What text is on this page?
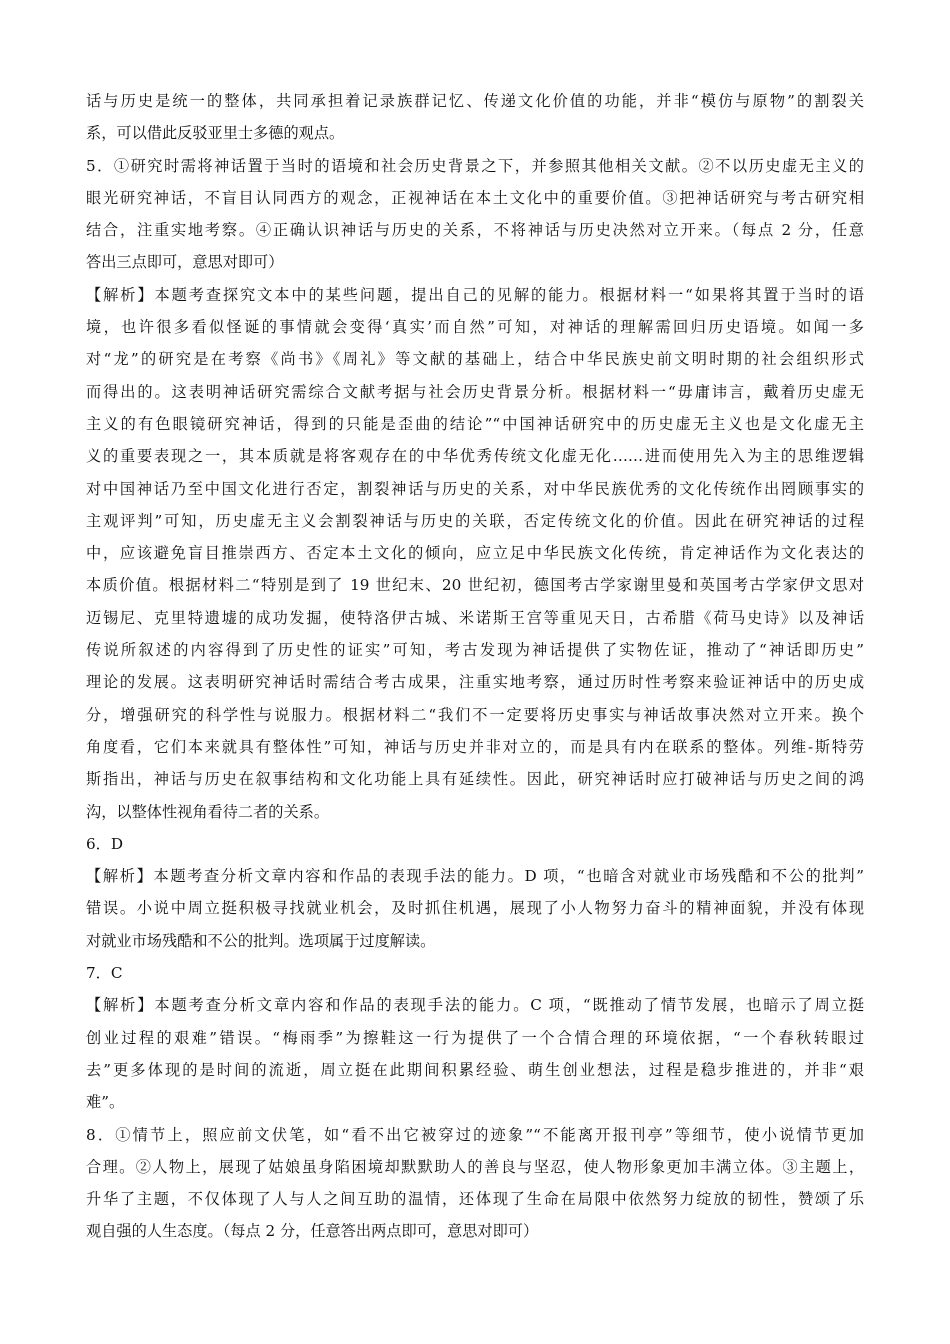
话与历史是统一的整体，共同承担着记录族群记忆、传递文化价值的功能，并非“模仿与原物”的割裂关
系，可以借此反驳亚里士多德的观点。
5．①研究时需将神话置于当时的语境和社会历史背景之下，并参照其他相关文献。②不以历史虚无主义的
眼光研究神话，不盲目认同西方的观念，正视神话在本土文化中的重要价值。③把神话研究与考古研究相
结合，注重实地考察。④正确认识神话与历史的关系，不将神话与历史决然对立开来。（每点 2 分，任意
答出三点即可，意思对即可）
【解析】本题考查探究文本中的某些问题，提出自己的见解的能力。根据材料一“如果将其置于当时的语
境，也许很多看似怪诞的事情就会变得‘真实’而自然”可知，对神话的理解需回归历史语境。如闻一多
对“龙”的研究是在考察《尚书》《周礼》等文献的基础上，结合中华民族史前文明时期的社会组织形式
而得出的。这表明神话研究需综合文献考据与社会历史背景分析。根据材料一“毋庸讳言，戴着历史虚无
主义的有色眼镜研究神话，得到的只能是歪曲的结论”“中国神话研究中的历史虚无主义也是文化虚无主
义的重要表现之一，其本质就是将客观存在的中华优秀传统文化虚无化……进而使用先入为主的思维逻辑
对中国神话乃至中国文化进行否定，割裂神话与历史的关系，对中华民族优秀的文化传统作出罔顾事实的
主观评判”可知，历史虚无主义会割裂神话与历史的关联，否定传统文化的价值。因此在研究神话的过程
中，应该避免盲目推崇西方、否定本土文化的倾向，应立足中华民族文化传统，肯定神话作为文化表达的
本质价值。根据材料二“特别是到了 19 世纪末、20 世纪初，德国考古学家谢里曼和英国考古学家伊文思对
迈锡尼、克里特遗墟的成功发掘，使特洛伊古城、米诺斯王宫等重见天日，古希腊《荷马史诗》以及神话
传说所叙述的内容得到了历史性的证实”可知，考古发现为神话提供了实物佐证，推动了“神话即历史”
理论的发展。这表明研究神话时需结合考古成果，注重实地考察，通过历时性考察来验证神话中的历史成
分，增强研究的科学性与说服力。根据材料二“我们不一定要将历史事实与神话故事决然对立开来。换个
角度看，它们本来就具有整体性”可知，神话与历史并非对立的，而是具有内在联系的整体。列维-斯特劳
斯指出，神话与历史在叙事结构和文化功能上具有延续性。因此，研究神话时应打破神话与历史之间的鸿
沟，以整体性视角看待二者的关系。
6．D
【解析】本题考查分析文章内容和作品的表现手法的能力。D 项，“也暗含对就业市场残酷和不公的批判”
错误。小说中周立挺积极寻找就业机会，及时抓住机遇，展现了小人物努力奋斗的精神面貌，并没有体现
对就业市场残酷和不公的批判。选项属于过度解读。
7．C
【解析】本题考查分析文章内容和作品的表现手法的能力。C 项，“既推动了情节发展，也暗示了周立挺
创业过程的艰难”错误。“梅雨季”为擦鞋这一行为提供了一个合情合理的环境依据，“一个春秋转眼过
去”更多体现的是时间的流逝，周立挺在此期间积累经验、萌生创业想法，过程是稳步推进的，并非“艰
难”。
8．①情节上，照应前文伏笔，如“看不出它被穿过的迹象”“不能离开报刊亭”等细节，使小说情节更加
合理。②人物上，展现了姑娘虽身陷困境却默默助人的善良与坚忍，使人物形象更加丰满立体。③主题上，
升华了主题，不仅体现了人与人之间互助的温情，还体现了生命在局限中依然努力绽放的韧性，赞颂了乐
观自强的人生态度。（每点 2 分，任意答出两点即可，意思对即可）
